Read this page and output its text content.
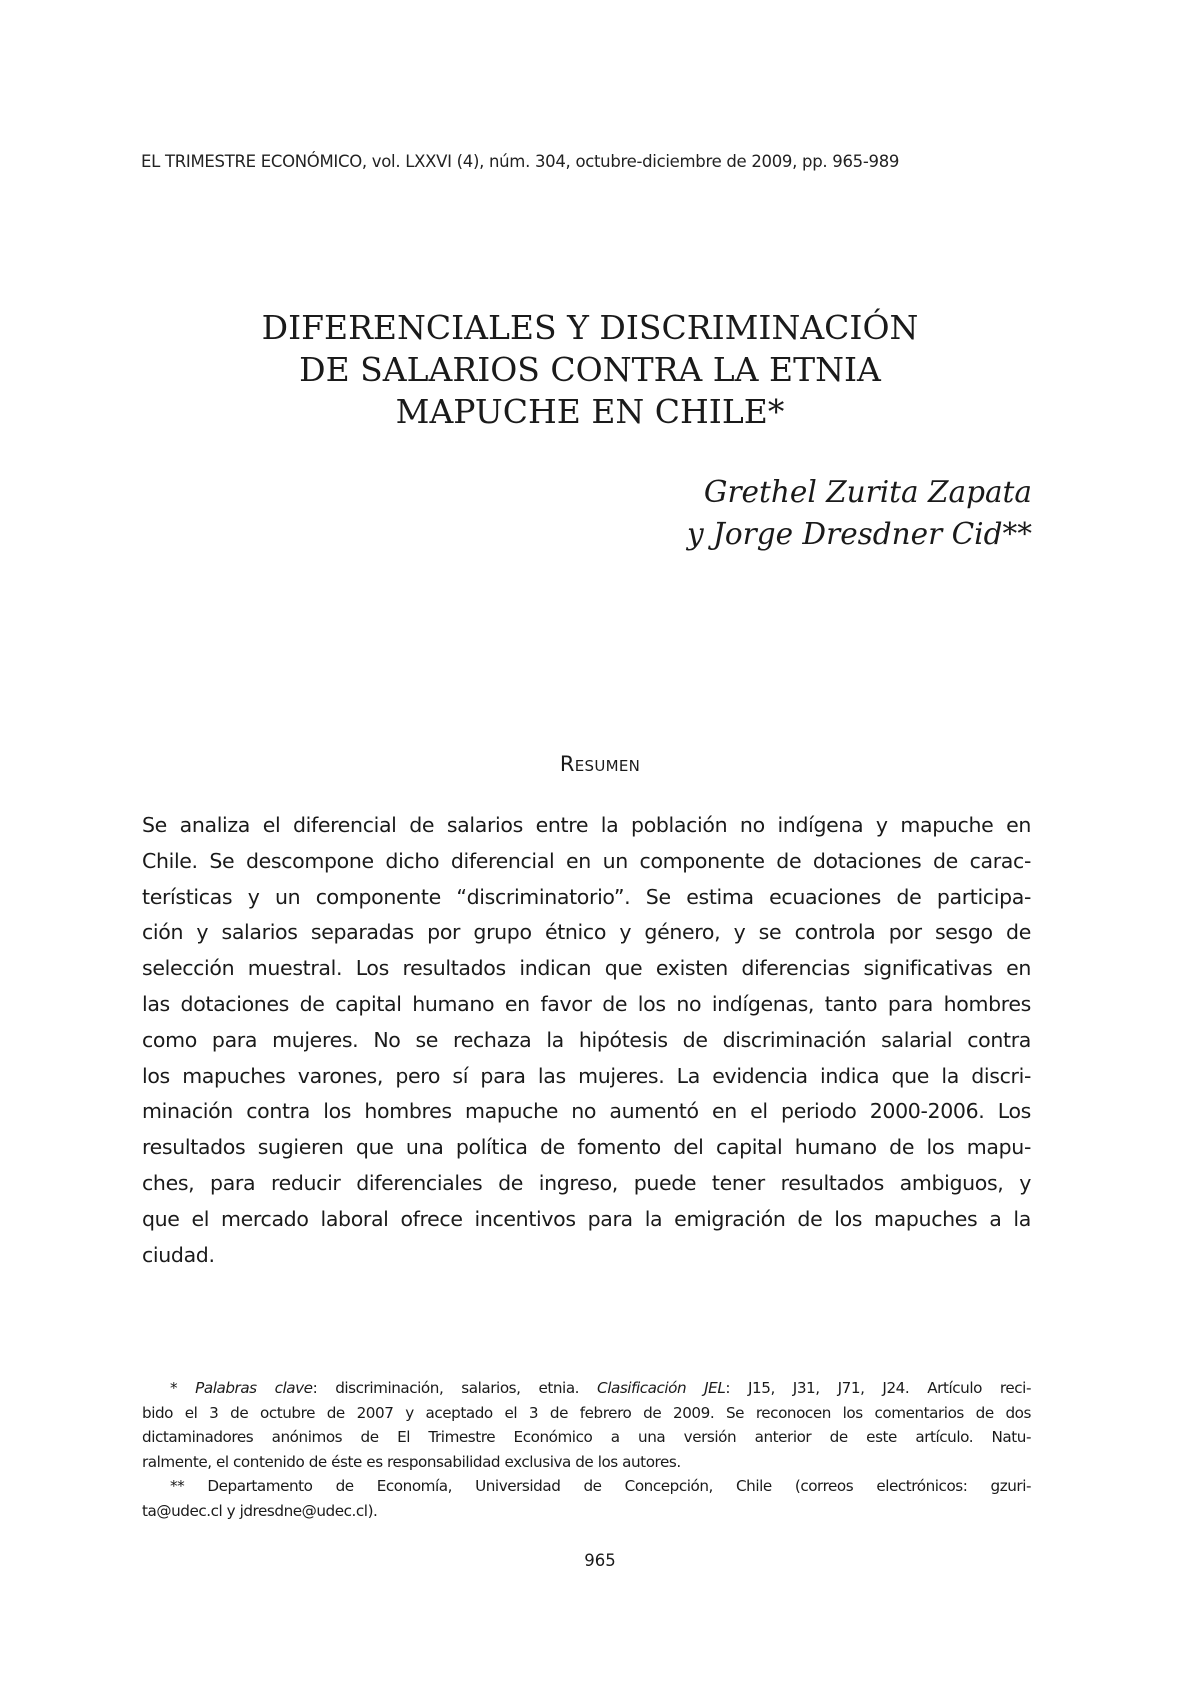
EL TRIMESTRE ECONÓMICO, vol. LXXVI (4), núm. 304, octubre-diciembre de 2009, pp. 965-989
DIFERENCIALES Y DISCRIMINACIÓN
DE SALARIOS CONTRA LA ETNIA
MAPUCHE EN CHILE*
Grethel Zurita Zapata
y Jorge Dresdner Cid**
Resumen
Se analiza el diferencial de salarios entre la población no indígena y mapuche en
Chile. Se descompone dicho diferencial en un componente de dotaciones de carac-
terísticas y un componente “discriminatorio”. Se estima ecuaciones de participa-
ción y salarios separadas por grupo étnico y género, y se controla por sesgo de
selección muestral. Los resultados indican que existen diferencias significativas en
las dotaciones de capital humano en favor de los no indígenas, tanto para hombres
como para mujeres. No se rechaza la hipótesis de discriminación salarial contra
los mapuches varones, pero sí para las mujeres. La evidencia indica que la discri-
minación contra los hombres mapuche no aumentó en el periodo 2000-2006. Los
resultados sugieren que una política de fomento del capital humano de los mapu-
ches, para reducir diferenciales de ingreso, puede tener resultados ambiguos, y
que el mercado laboral ofrece incentivos para la emigración de los mapuches a la
ciudad.
* Palabras clave: discriminación, salarios, etnia. Clasificación JEL: J15, J31, J71, J24. Artículo reci-
bido el 3 de octubre de 2007 y aceptado el 3 de febrero de 2009. Se reconocen los comentarios de dos
dictaminadores anónimos de El Trimestre Económico a una versión anterior de este artículo. Natu-
ralmente, el contenido de éste es responsabilidad exclusiva de los autores.
** Departamento de Economía, Universidad de Concepción, Chile (correos electrónicos: gzuri-
ta@udec.cl y jdresdne@udec.cl).
965
